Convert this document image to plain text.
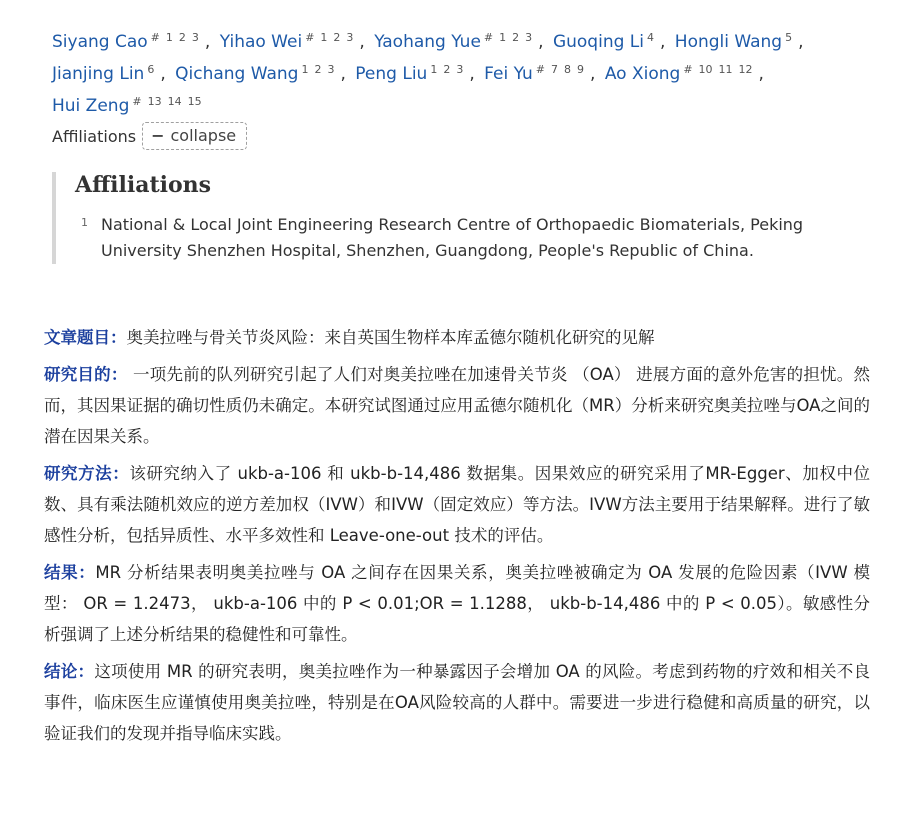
Siyang Cao $^{\# 1 2 3}$ , Yihao Wei $^{\# 1 2 3}$ , Yaohang Yue $^{\# 1 2 3}$ , Guoqing Li $^4$ , Hongli Wang $^5$ , Jianjing Lin $^6$ , Qichang Wang $^{1 2 3}$ , Peng Liu $^{1 2 3}$ , Fei Yu $^{\# 7 8 9}$ , Ao Xiong $^{\# 10 11 12}$ , Hui Zeng $^{\# 13 14 15}$
Affiliations − collapse
Affiliations
1 National & Local Joint Engineering Research Centre of Orthopaedic Biomaterials, Peking University Shenzhen Hospital, Shenzhen, Guangdong, People's Republic of China.

文章题目：奥美拉唑与骨关节炎风险：来自英国生物样本库孟德尔随机化研究的见解

研究目的： 一项先前的队列研究引起了人们对奥美拉唑在加速骨关节炎 （OA） 进展方面的意外危害的担忧。然而，其因果证据的确切性质仍未确定。本研究试图通过应用孟德尔随机化（MR）分析来研究奥美拉唑与OA之间的潜在因果关系。

研究方法：该研究纳入了 ukb-a-106 和 ukb-b-14,486 数据集。因果效应的研究采用了MR-Egger、加权中位数、具有乘法随机效应的逆方差加权（IVW）和IVW（固定效应）等方法。IVW方法主要用于结果解释。进行了敏感性分析，包括异质性、水平多效性和 Leave-one-out 技术的评估。

结果：MR 分析结果表明奥美拉唑与 OA 之间存在因果关系，奥美拉唑被确定为 OA 发展的危险因素（IVW 模型： OR = 1.2473， ukb-a-106 中的 P < 0.01;OR = 1.1288， ukb-b-14,486 中的 P < 0.05）。敏感性分析强调了上述分析结果的稳健性和可靠性。

结论：这项使用 MR 的研究表明，奥美拉唑作为一种暴露因子会增加 OA 的风险。考虑到药物的疗效和相关不良事件，临床医生应谨慎使用奥美拉唑，特别是在OA风险较高的人群中。需要进一步进行稳健和高质量的研究，以验证我们的发现并指导临床实践。
